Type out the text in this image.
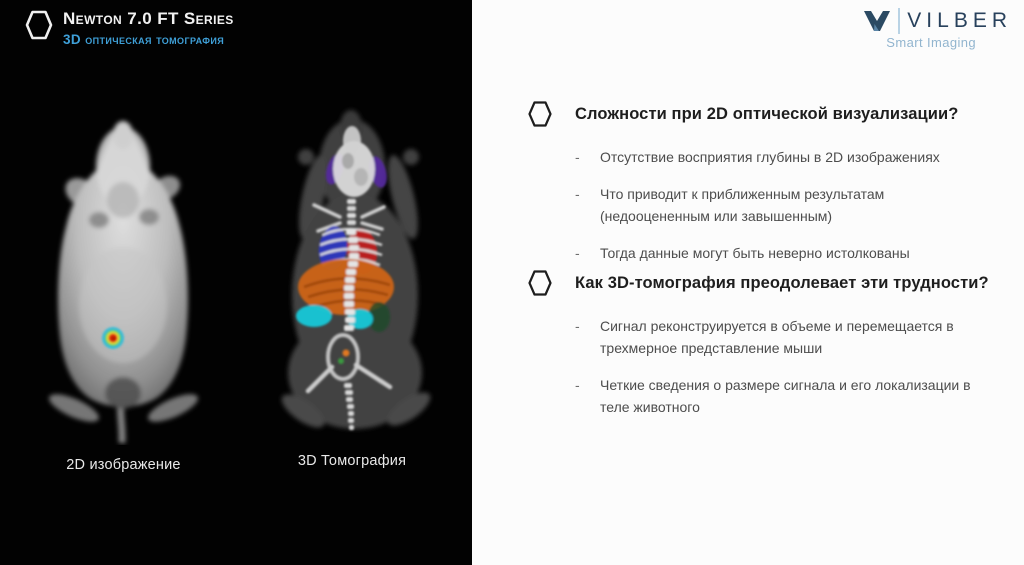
Newton 7.0 FT Series
3D оптическая томография
2D изображение	3D Томография
VILBER
Smart Imaging
Сложности при 2D оптической визуализации?
-	Отсутствие восприятия глубины в 2D изображениях
-	Что приводит к приближенным результатам (недооцененным или завышенным)
-	Тогда данные могут быть неверно истолкованы
Как 3D-томография преодолевает эти трудности?
-	Сигнал реконструируется в объеме и перемещается в трехмерное представление мыши
-	Четкие сведения о размере сигнала и его локализации в теле животного
